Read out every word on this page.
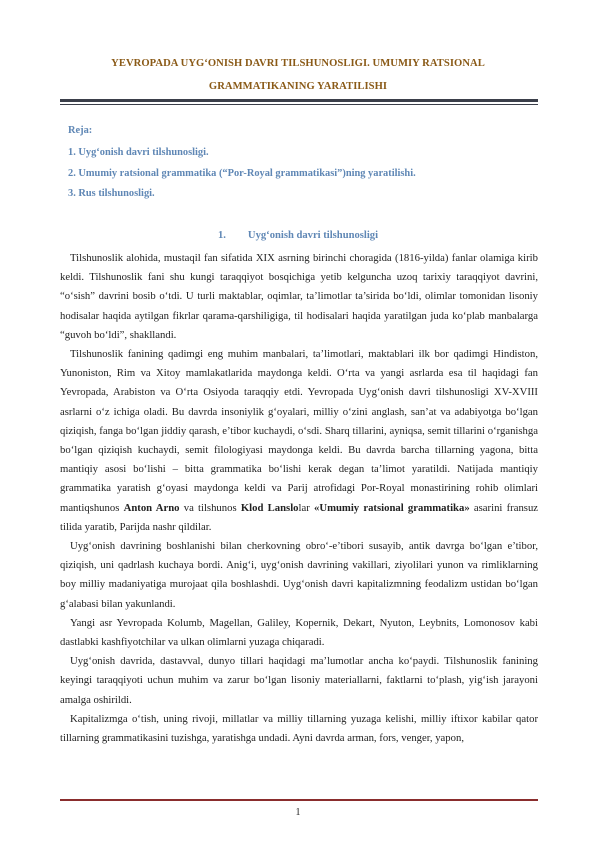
YEVROPADA UYG‘ONISH DAVRI TILSHUNOSLIGI. UMUMIY RATSIONAL
GRAMMATIKANING YARATILISHI
Reja:
1. Uyg‘onish davri tilshunosligi.
2. Umumiy ratsional grammatika (“Por-Royal grammatikasi”)ning yaratilishi.
3. Rus tilshunosligi.
1. Uyg‘onish davri tilshunosligi

Tilshunoslik alohida, mustaqil fan sifatida XIX asrning birinchi choragida (1816-yilda) fanlar olamiga kirib keldi. Tilshunoslik fani shu kungi taraqqiyot bosqichiga yetib kelguncha uzoq tarixiy taraqqiyot davrini, “o‘sish” davrini bosib o‘tdi. U turli maktablar, oqimlar, ta’limotlar ta’sirida bo‘ldi, olimlar tomonidan lisoniy hodisalar haqida aytilgan fikrlar qarama-qarshiligiga, til hodisalari haqida yaratilgan juda ko‘plab manbalarga “guvoh bo‘ldi”, shakllandi.

Tilshunoslik fanining qadimgi eng muhim manbalari, ta’limotlari, maktablari ilk bor qadimgi Hindiston, Yunoniston, Rim va Xitoy mamlakatlarida maydonga keldi. O‘rta va yangi asrlarda esa til haqidagi fan Yevropada, Arabiston va O‘rta Osiyoda taraqqiy etdi. Yevropada Uyg‘onish davri tilshunosligi XV-XVIII asrlarni o‘z ichiga oladi. Bu davrda insoniylik g‘oyalari, milliy o‘zini anglash, san’at va adabiyotga bo‘lgan qiziqish, fanga bo‘lgan jiddiy qarash, e’tibor kuchaydi, o‘sdi. Sharq tillarini, ayniqsa, semit tillarini o‘rganishga bo‘lgan qiziqish kuchaydi, semit filologiyasi maydonga keldi. Bu davrda barcha tillarning yagona, bitta mantiqiy asosi bo‘lishi – bitta grammatika bo‘lishi kerak degan ta’limot yaratildi. Natijada mantiqiy grammatika yaratish g‘oyasi maydonga keldi va Parij atrofidagi Por-Royal monastirining rohib olimlari mantiqshunos Anton Arno va tilshunos Klod Lanslolar «Umumiy ratsional grammatika» asarini fransuz tilida yaratib, Parijda nashr qildilar.

Uyg‘onish davrining boshlanishi bilan cherkovning obro‘-e’tibori susayib, antik davrga bo‘lgan e’tibor, qiziqish, uni qadrlash kuchaya bordi. Anig‘i, uyg‘onish davrining vakillari, ziyolilari yunon va rimliklarning boy milliy madaniyatiga murojaat qila boshlashdi. Uyg‘onish davri kapitalizmning feodalizm ustidan bo‘lgan g‘alabasi bilan yakunlandi.

Yangi asr Yevropada Kolumb, Magellan, Galiley, Kopernik, Dekart, Nyuton, Leybnits, Lomonosov kabi dastlabki kashfiyotchilar va ulkan olimlarni yuzaga chiqaradi.

Uyg‘onish davrida, dastavval, dunyo tillari haqidagi ma’lumotlar ancha ko‘paydi. Tilshunoslik fanining keyingi taraqqiyoti uchun muhim va zarur bo‘lgan lisoniy materiallarni, faktlarni to‘plash, yig‘ish jarayoni amalga oshirildi.

Kapitalizmga o‘tish, uning rivoji, millatlar va milliy tillarning yuzaga kelishi, milliy iftixor kabilar qator tillarning grammatikasini tuzishga, yaratishga undadi. Ayni davrda arman, fors, venger, yapon,

1
